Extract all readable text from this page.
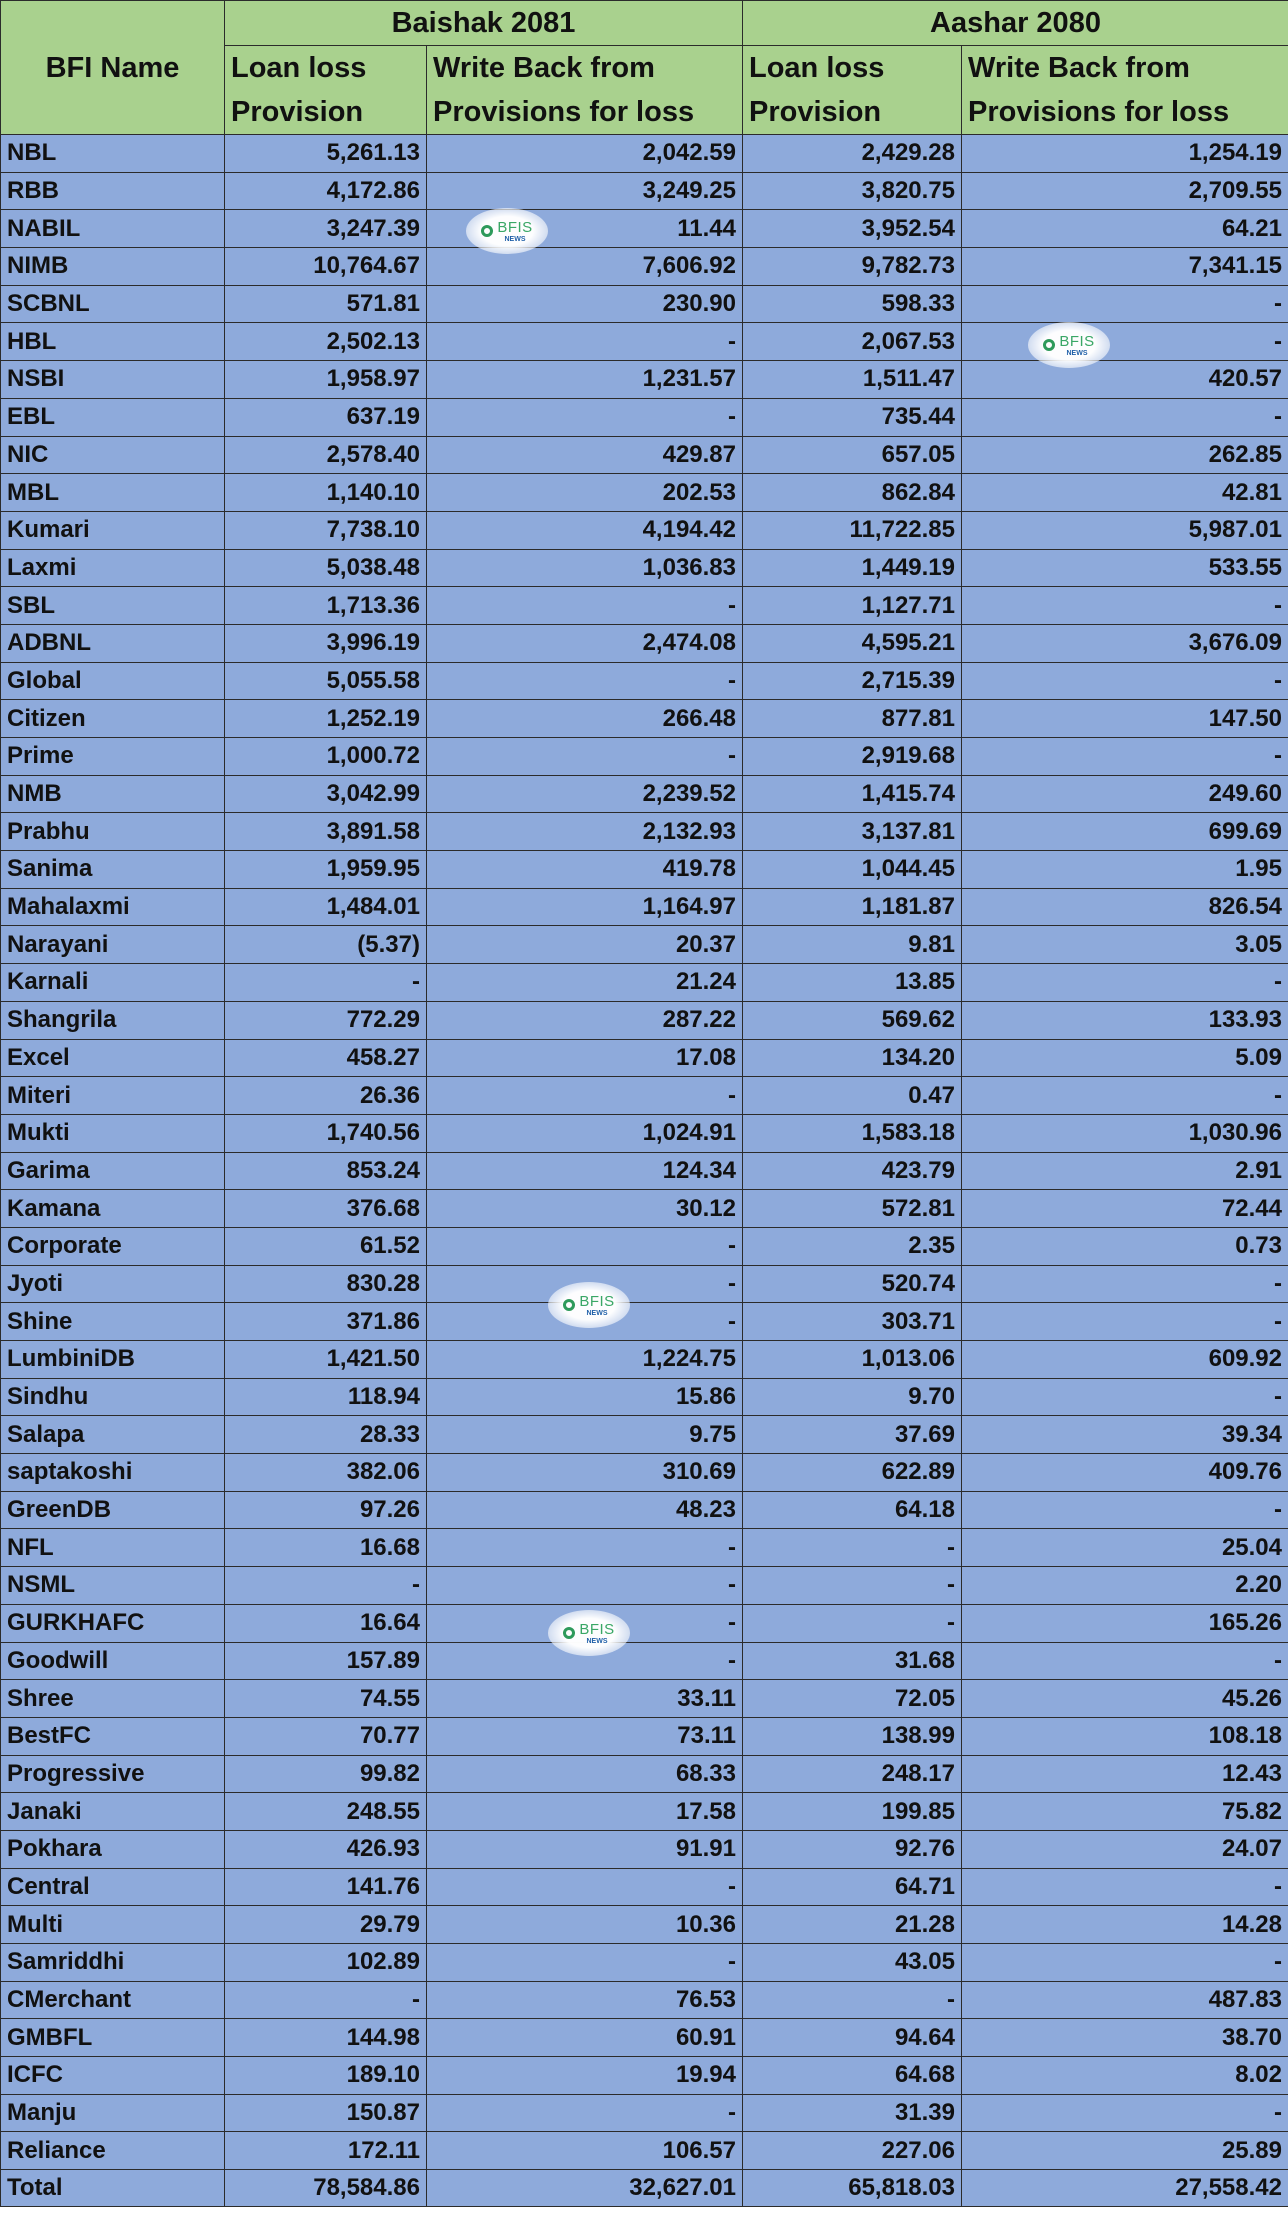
BFI Name	Baishak 2081		Aashar 2080	
	Loan loss Provision	Write Back from Provisions for loss	Loan loss Provision	Write Back from Provisions for loss
NBL	5,261.13	2,042.59	2,429.28	1,254.19
RBB	4,172.86	3,249.25	3,820.75	2,709.55
NABIL	3,247.39	11.44	3,952.54	64.21
NIMB	10,764.67	7,606.92	9,782.73	7,341.15
SCBNL	571.81	230.90	598.33	-
HBL	2,502.13	-	2,067.53	-
NSBI	1,958.97	1,231.57	1,511.47	420.57
EBL	637.19	-	735.44	-
NIC	2,578.40	429.87	657.05	262.85
MBL	1,140.10	202.53	862.84	42.81
Kumari	7,738.10	4,194.42	11,722.85	5,987.01
Laxmi	5,038.48	1,036.83	1,449.19	533.55
SBL	1,713.36	-	1,127.71	-
ADBNL	3,996.19	2,474.08	4,595.21	3,676.09
Global	5,055.58	-	2,715.39	-
Citizen	1,252.19	266.48	877.81	147.50
Prime	1,000.72	-	2,919.68	-
NMB	3,042.99	2,239.52	1,415.74	249.60
Prabhu	3,891.58	2,132.93	3,137.81	699.69
Sanima	1,959.95	419.78	1,044.45	1.95
Mahalaxmi	1,484.01	1,164.97	1,181.87	826.54
Narayani	(5.37)	20.37	9.81	3.05
Karnali	-	21.24	13.85	-
Shangrila	772.29	287.22	569.62	133.93
Excel	458.27	17.08	134.20	5.09
Miteri	26.36	-	0.47	-
Mukti	1,740.56	1,024.91	1,583.18	1,030.96
Garima	853.24	124.34	423.79	2.91
Kamana	376.68	30.12	572.81	72.44
Corporate	61.52	-	2.35	0.73
Jyoti	830.28	-	520.74	-
Shine	371.86	-	303.71	-
LumbiniDB	1,421.50	1,224.75	1,013.06	609.92
Sindhu	118.94	15.86	9.70	-
Salapa	28.33	9.75	37.69	39.34
saptakoshi	382.06	310.69	622.89	409.76
GreenDB	97.26	48.23	64.18	-
NFL	16.68	-	-	25.04
NSML	-	-	-	2.20
GURKHAFC	16.64	-	-	165.26
Goodwill	157.89	-	31.68	-
Shree	74.55	33.11	72.05	45.26
BestFC	70.77	73.11	138.99	108.18
Progressive	99.82	68.33	248.17	12.43
Janaki	248.55	17.58	199.85	75.82
Pokhara	426.93	91.91	92.76	24.07
Central	141.76	-	64.71	-
Multi	29.79	10.36	21.28	14.28
Samriddhi	102.89	-	43.05	-
CMerchant	-	76.53	-	487.83
GMBFL	144.98	60.91	94.64	38.70
ICFC	189.10	19.94	64.68	8.02
Manju	150.87	-	31.39	-
Reliance	172.11	106.57	227.06	25.89
Total	78,584.86	32,627.01	65,818.03	27,558.42
BFIS
NEWS
BFIS
NEWS
BFIS
NEWS
BFIS
NEWS
